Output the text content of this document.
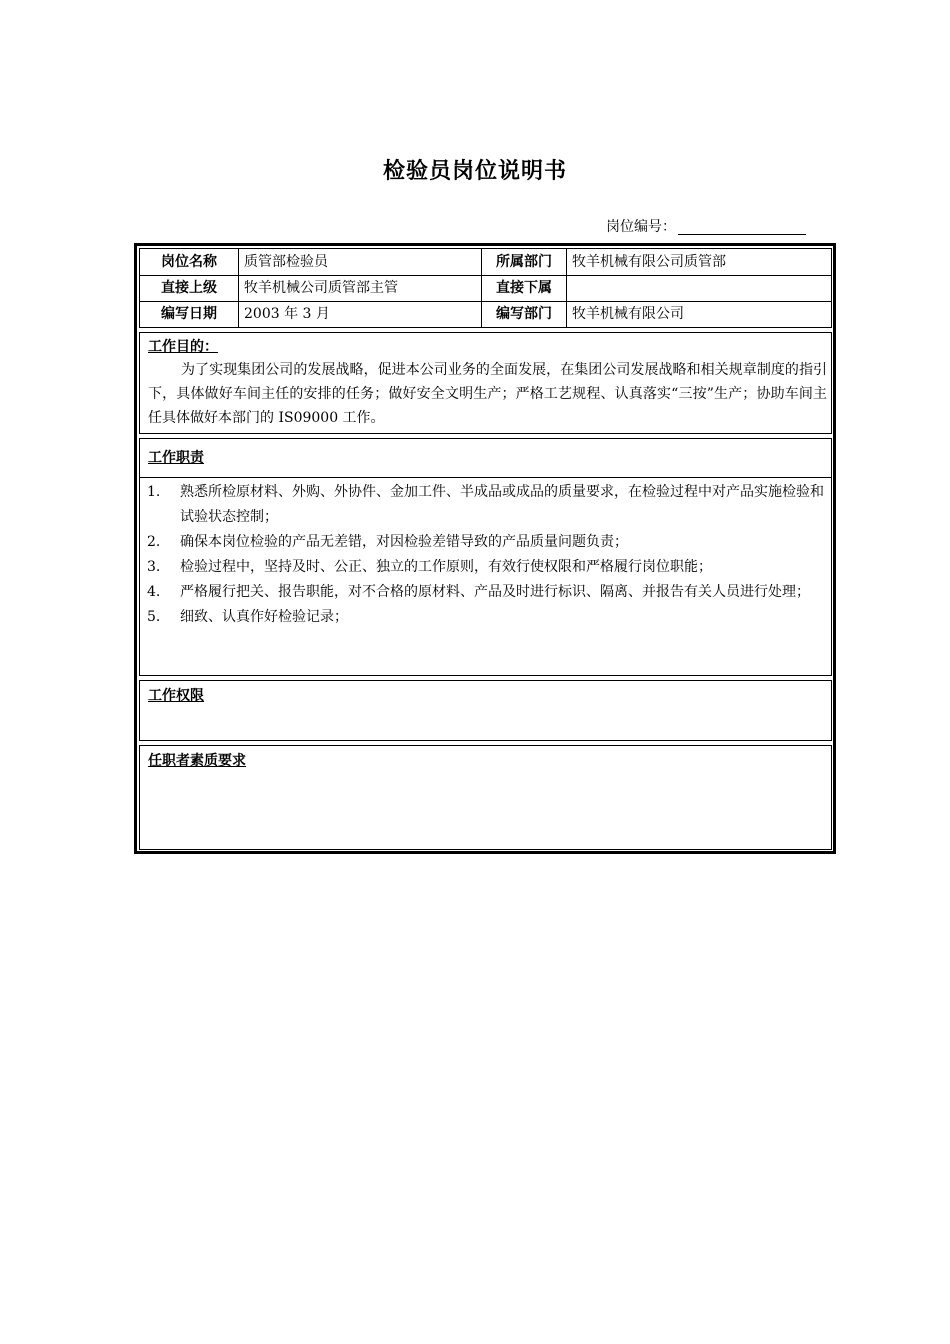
检验员岗位说明书
岗位编号：
岗位名称	质管部检验员	所属部门	牧羊机械有限公司质管部
直接上级	牧羊机械公司质管部主管	直接下属
编写日期	2003 年 3 月	编写部门	牧羊机械有限公司
工作目的：
为了实现集团公司的发展战略，促进本公司业务的全面发展，在集团公司发展战略和相关规章制度的指引下，具体做好车间主任的安排的任务；做好安全文明生产；严格工艺规程、认真落实“三按”生产；协助车间主任具体做好本部门的 IS09000 工作。
工作职责
1. 熟悉所检原材料、外购、外协件、金加工件、半成品或成品的质量要求，在检验过程中对产品实施检验和试验状态控制；
2. 确保本岗位检验的产品无差错，对因检验差错导致的产品质量问题负责；
3. 检验过程中，坚持及时、公正、独立的工作原则，有效行使权限和严格履行岗位职能；
4. 严格履行把关、报告职能，对不合格的原材料、产品及时进行标识、隔离、并报告有关人员进行处理；
5. 细致、认真作好检验记录；
工作权限
任职者素质要求
